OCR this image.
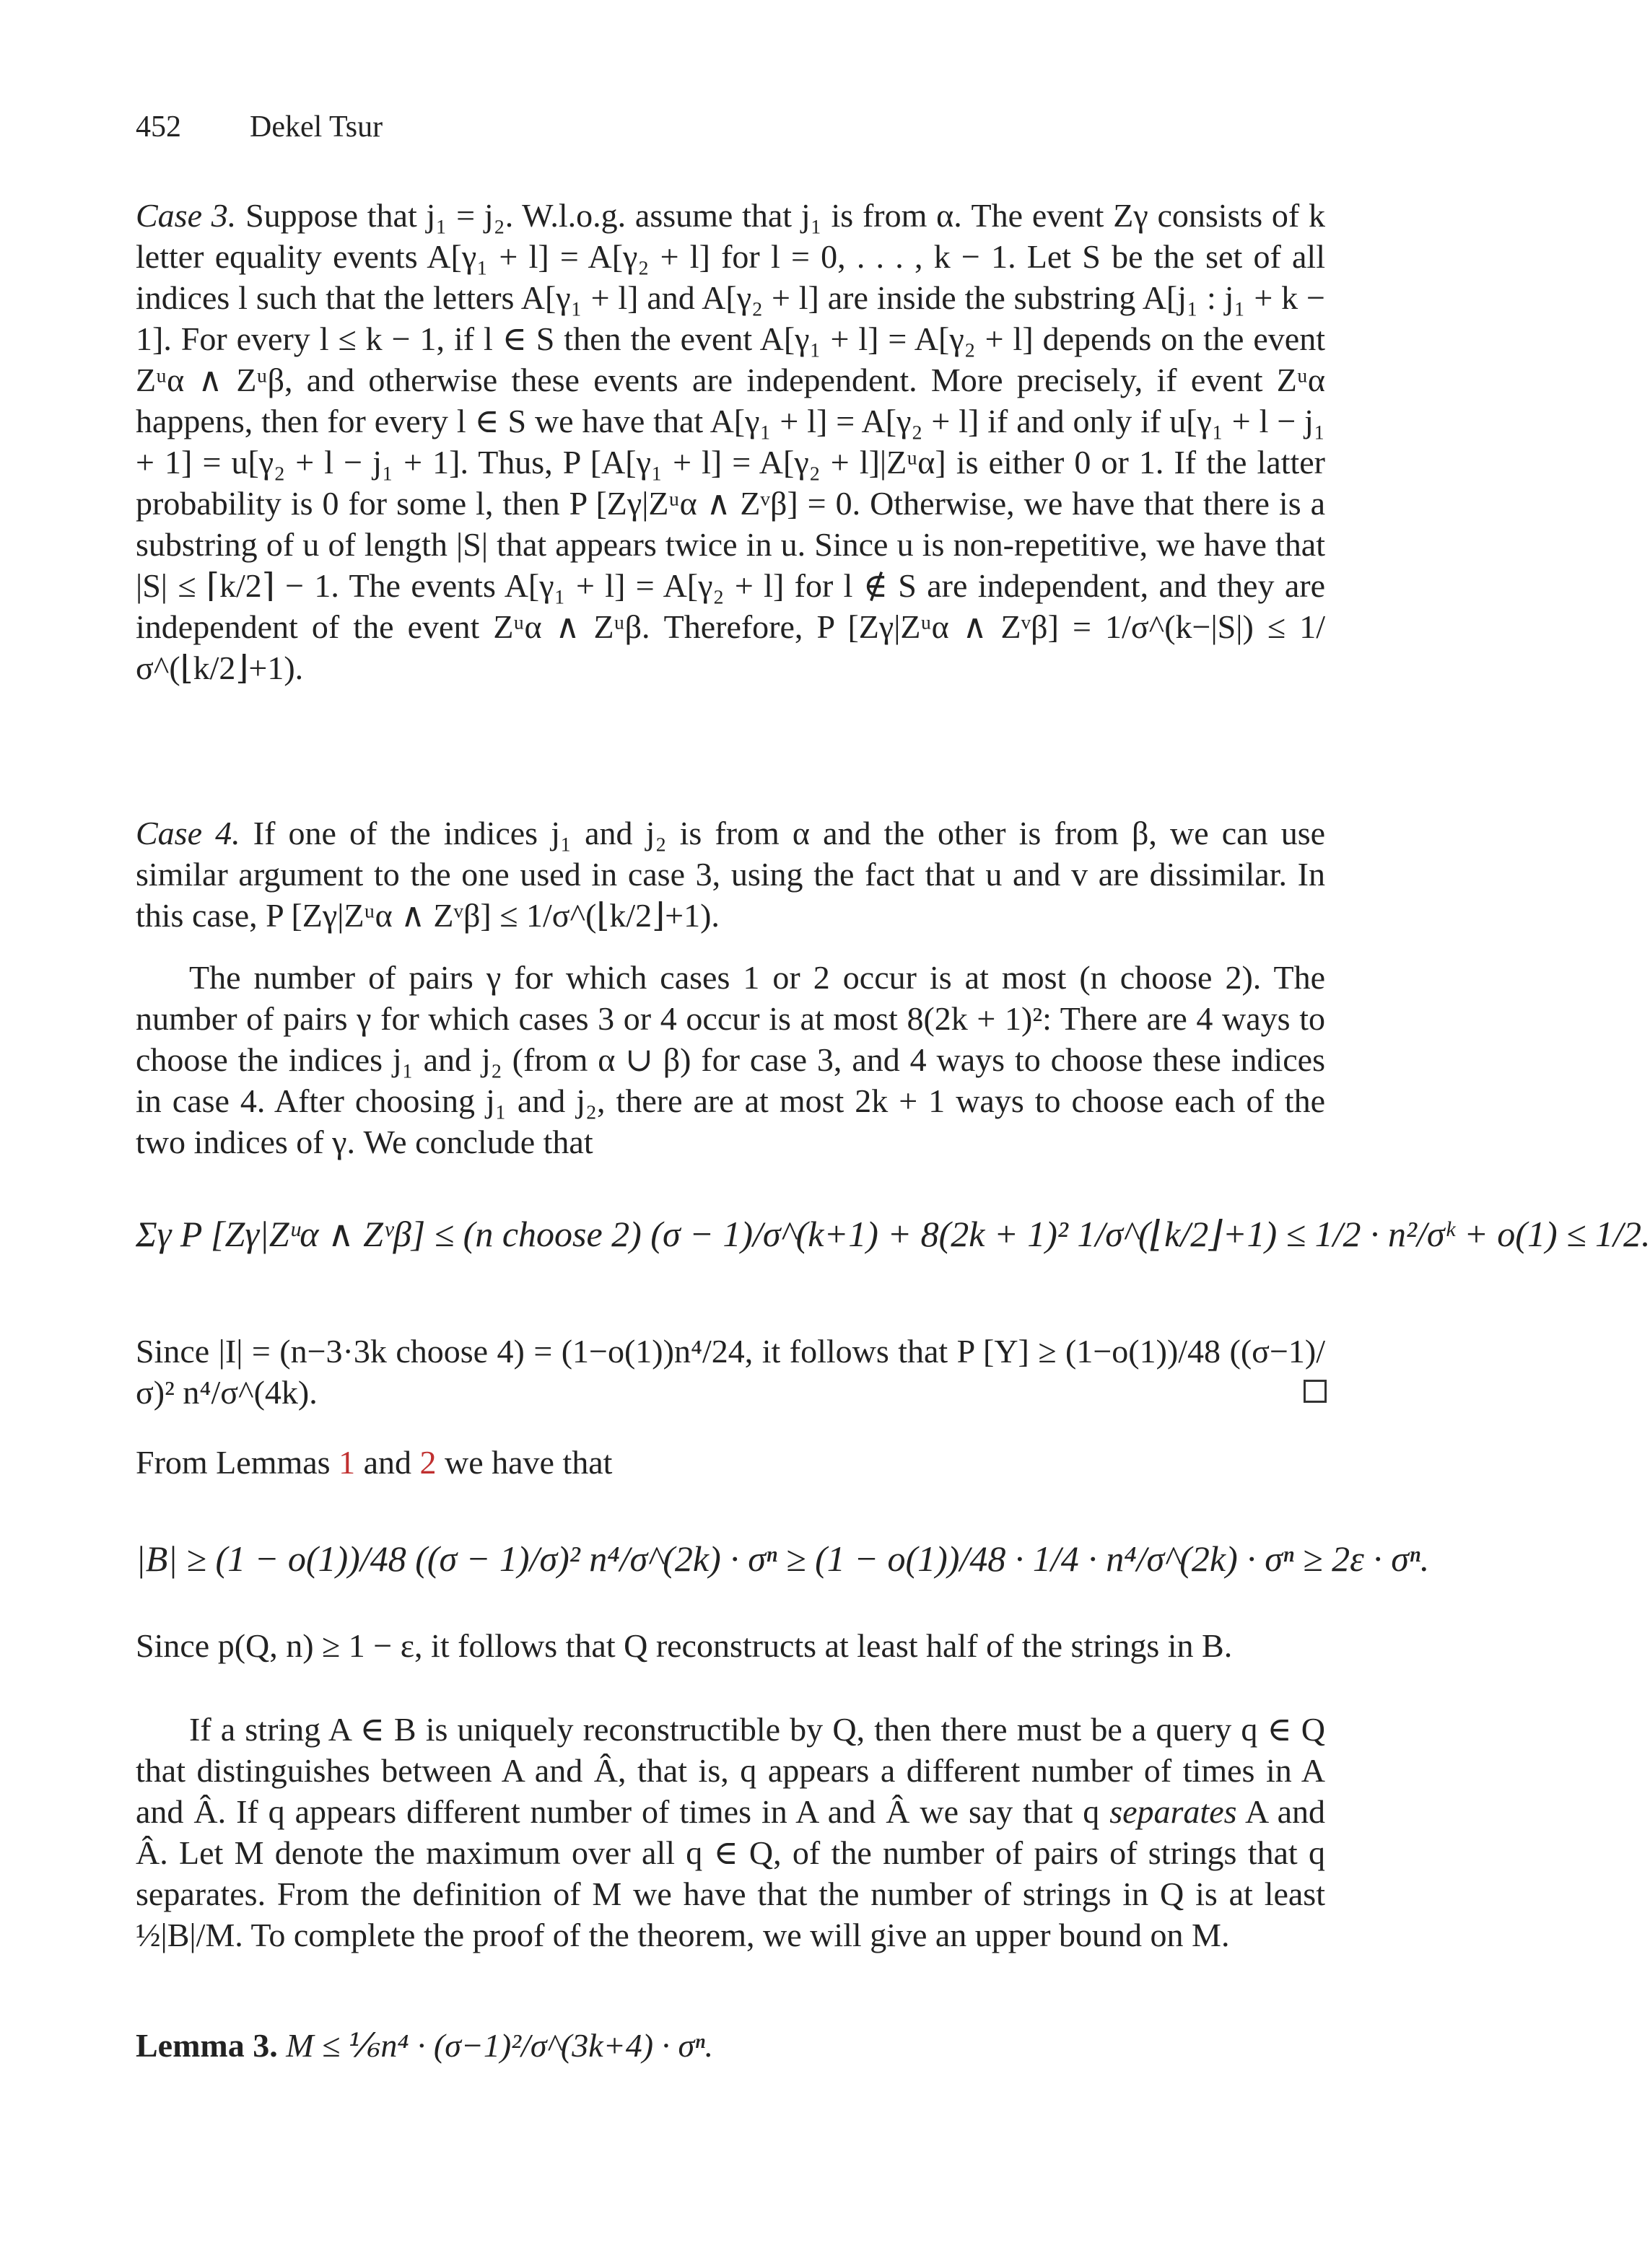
452 Dekel Tsur

Case 3. Suppose that j₁ = j₂. W.l.o.g. assume that j₁ is from α. The event Zγ consists of k letter equality events A[γ₁ + l] = A[γ₂ + l] for l = 0, . . . , k − 1. Let S be the set of all indices l such that the letters A[γ₁ + l] and A[γ₂ + l] are inside the substring A[j₁ : j₁ + k − 1]. For every l ≤ k − 1, if l ∈ S then the event A[γ₁ + l] = A[γ₂ + l] depends on the event Zᵘα ∧ Zᵘβ, and otherwise these events are independent. More precisely, if event Zᵘα happens, then for every l ∈ S we have that A[γ₁ + l] = A[γ₂ + l] if and only if u[γ₁ + l − j₁ + 1] = u[γ₂ + l − j₁ + 1]. Thus, P [A[γ₁ + l] = A[γ₂ + l]|Zᵘα] is either 0 or 1. If the latter probability is 0 for some l, then P [Zγ|Zᵘα ∧ Zᵛβ] = 0. Otherwise, we have that there is a substring of u of length |S| that appears twice in u. Since u is non-repetitive, we have that |S| ≤ ⌈k/2⌉ − 1. The events A[γ₁ + l] = A[γ₂ + l] for l ∉ S are independent, and they are independent of the event Zᵘα ∧ Zᵘβ. Therefore, P [Zγ|Zᵘα ∧ Zᵛβ] = 1/σ^(k−|S|) ≤ 1/σ^(⌊k/2⌋+1).

Case 4. If one of the indices j₁ and j₂ is from α and the other is from β, we can use similar argument to the one used in case 3, using the fact that u and v are dissimilar. In this case, P [Zγ|Zᵘα ∧ Zᵛβ] ≤ 1/σ^(⌊k/2⌋+1).

The number of pairs γ for which cases 1 or 2 occur is at most (n choose 2). The number of pairs γ for which cases 3 or 4 occur is at most 8(2k + 1)²: There are 4 ways to choose the indices j₁ and j₂ (from α ∪ β) for case 3, and 4 ways to choose these indices in case 4. After choosing j₁ and j₂, there are at most 2k + 1 ways to choose each of the two indices of γ. We conclude that

Σγ P [Zγ|Zᵘα ∧ Zᵛβ] ≤ (n choose 2) (σ − 1)/σ^(k+1) + 8(2k + 1)² 1/σ^(⌊k/2⌋+1) ≤ 1/2 · n²/σᵏ + o(1) ≤ 1/2.

Since |I| = (n−3·3k choose 4) = (1−o(1))n⁴/24, it follows that P [Y] ≥ (1−o(1))/48 ((σ−1)/σ)² n⁴/σ^(4k).

From Lemmas 1 and 2 we have that

|B| ≥ (1 − o(1))/48 ((σ − 1)/σ)² n⁴/σ^(2k) · σⁿ ≥ (1 − o(1))/48 · 1/4 · n⁴/σ^(2k) · σⁿ ≥ 2ε · σⁿ.

Since p(Q, n) ≥ 1 − ε, it follows that Q reconstructs at least half of the strings in B.

If a string A ∈ B is uniquely reconstructible by Q, then there must be a query q ∈ Q that distinguishes between A and Â, that is, q appears a different number of times in A and Â. If q appears different number of times in A and Â we say that q separates A and Â. Let M denote the maximum over all q ∈ Q, of the number of pairs of strings that q separates. From the definition of M we have that the number of strings in Q is at least ½|B|/M. To complete the proof of the theorem, we will give an upper bound on M.

Lemma 3. M ≤ ⅙n⁴ · (σ−1)²/σ^(3k+4) · σⁿ.
